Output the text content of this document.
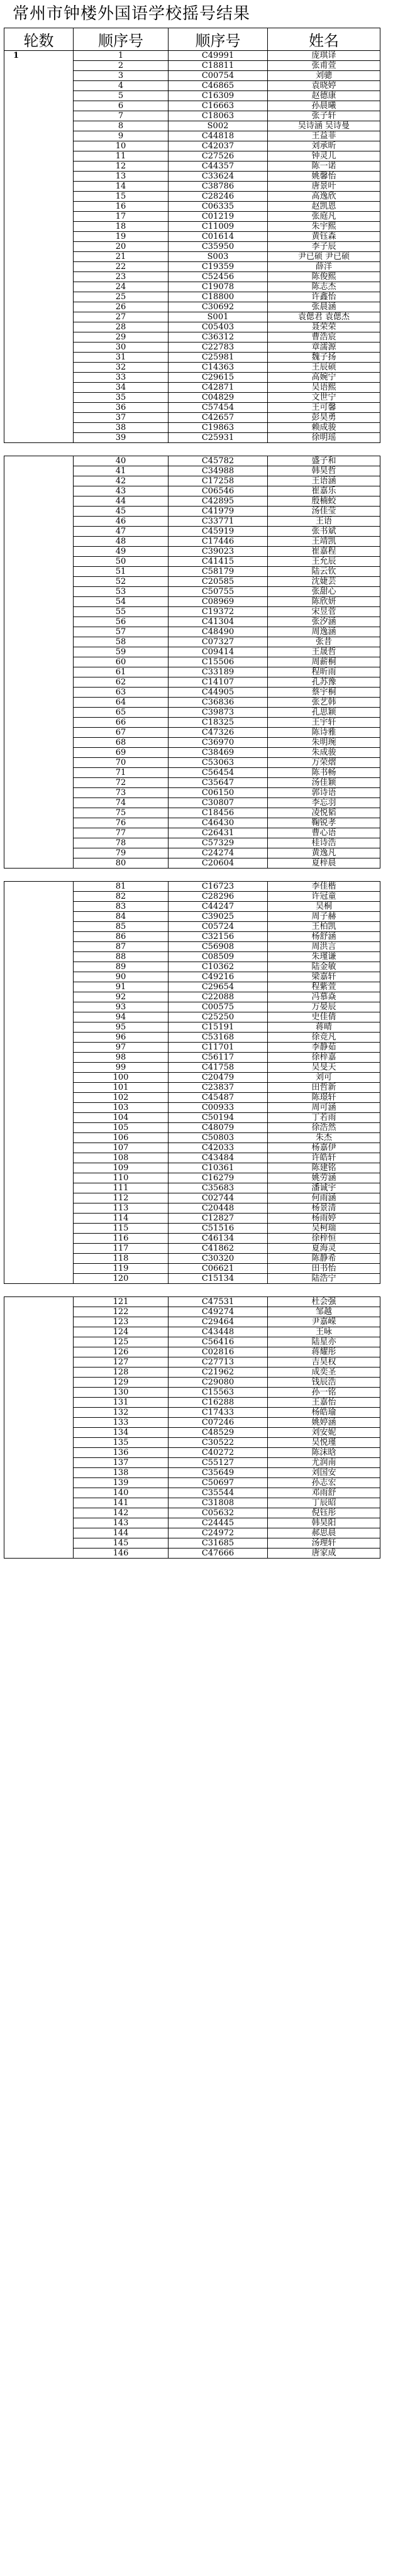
常州市钟楼外国语学校摇号结果
轮数	顺序号	顺序号	姓名
1	1	C49991	庞琪译
	2	C18811	张甫萱
	3	C00754	刘骢
	4	C46865	袁晓婷
	5	C16309	赵德康
	6	C16663	孙晨曦
	7	C18063	张子轩
	8	S002	吴诗涵 吴诗曼
	9	C44818	王益菲
	10	C42037	刘承昕
	11	C27526	钟灵儿
	12	C44357	陈一诺
	13	C33624	姚馨怡
	14	C38786	唐景叶
	15	C28246	高逸欣
	16	C06335	赵凯恩
	17	C01219	张庭凡
	18	C11009	朱宇熙
	19	C01614	黄钰森
	20	C35950	李子辰
	21	S003	尹已硕 尹已硕
	22	C19359	薛洋
	23	C52456	陈俊熙
	24	C19078	陈志杰
	25	C18800	许鑫怡
	26	C30692	张晨涵
	27	S001	袁偲君 袁偲杰
	28	C05403	聂荣荣
	29	C36312	曹浩宸
	30	C22783	章濡源
	31	C25981	魏子扬
	32	C14363	王辰硕
	33	C29615	高婉宁
	34	C42871	吴语熙
	35	C04829	文世宁
	36	C57454	王可馨
	37	C42657	彭昊勇
	38	C19863	赖成骏
	39	C25931	徐明瑶

	40	C45782	盛子和
	41	C34988	韩昊哲
	42	C17258	王语涵
	43	C06546	崔嘉乐
	44	C42895	殷楠蛟
	45	C41979	汤佳莹
	46	C33771	王语
	47	C45919	张书斌
	48	C17446	王靖凯
	49	C39023	崔嘉程
	50	C41415	王允辰
	51	C58179	陆云钦
	52	C20585	沈婕芸
	53	C50755	张甜心
	54	C08969	陈欣妍
	55	C19372	宋昱菅
	56	C41304	张汐涵
	57	C48490	周逸涵
	58	C07327	张昔
	59	C09414	王晟哲
	60	C15506	周薪桐
	61	C33189	程昕雨
	62	C14107	孔苏豫
	63	C44905	蔡宇桐
	64	C36836	张艺韩
	65	C39873	孔思颖
	66	C18325	王宇轩
	67	C47326	陈诗雅
	68	C36970	朱明琬
	69	C38469	朱成骏
	70	C53063	万荣熠
	71	C56454	陈书畅
	72	C35647	汤佳颖
	73	C06150	郭诗语
	74	C30807	李忘羽
	75	C18456	凌悦韬
	76	C46430	鞠锐孝
	77	C26431	曹心语
	78	C57329	桂诗浩
	79	C24274	黄逸凡
	80	C20604	夏梓晨

	81	C16723	李佳楷
	82	C28296	许冠童
	83	C44247	吴桐
	84	C39025	周子赫
	85	C05724	王柏凯
	86	C32156	杨舒涵
	87	C56908	周洪言
	88	C08509	朱瑾谦
	89	C10362	陆金敏
	90	C49216	梁嘉轩
	91	C29654	程紫萱
	92	C22088	冯慕焱
	93	C00575	万晏辰
	94	C25250	史佳倩
	95	C15191	蒋晴
	96	C53168	徐竞凡
	97	C11701	李静茹
	98	C56117	徐梓嘉
	99	C41758	吴旻天
	100	C20479	刘可
	101	C23837	田哲新
	102	C45487	陈璟轩
	103	C00933	周可涵
	104	C50194	丁若雨
	105	C48079	徐浩然
	106	C50803	朱杰
	107	C42033	杨嘉伊
	108	C43484	许皓轩
	109	C10361	陈建铭
	110	C16279	姚劳涵
	111	C35683	潘诚宇
	112	C02744	何雨涵
	113	C20448	杨景清
	114	C12827	杨雨婷
	115	C51516	吴柯瑞
	116	C46134	徐梓恒
	117	C41862	夏海灵
	118	C30320	陈静希
	119	C06621	田书怡
	120	C15134	陆浩宁

	121	C47531	杜会强
	122	C49274	邹越
	123	C29464	尹嘉嵘
	124	C43448	王咏
	125	C56416	陆星亦
	126	C02816	蒋耀彤
	127	C27713	吉昊权
	128	C21962	成奕圣
	129	C29080	钱辰浩
	130	C15563	孙一铭
	131	C16288	王嘉怡
	132	C17433	杨皓瑜
	133	C07246	姚婷涵
	134	C48529	刘安妮
	135	C30522	吴悦瑾
	136	C40272	陈沫晗
	137	C55127	尤润南
	138	C35649	刘国安
	139	C50697	孙志宏
	140	C35544	邓雨舒
	141	C31808	丁辰昭
	142	C05632	倪钰彤
	143	C24445	韩昊阳
	144	C24972	郝思晨
	145	C31685	汤理轩
	146	C47666	唐家成
